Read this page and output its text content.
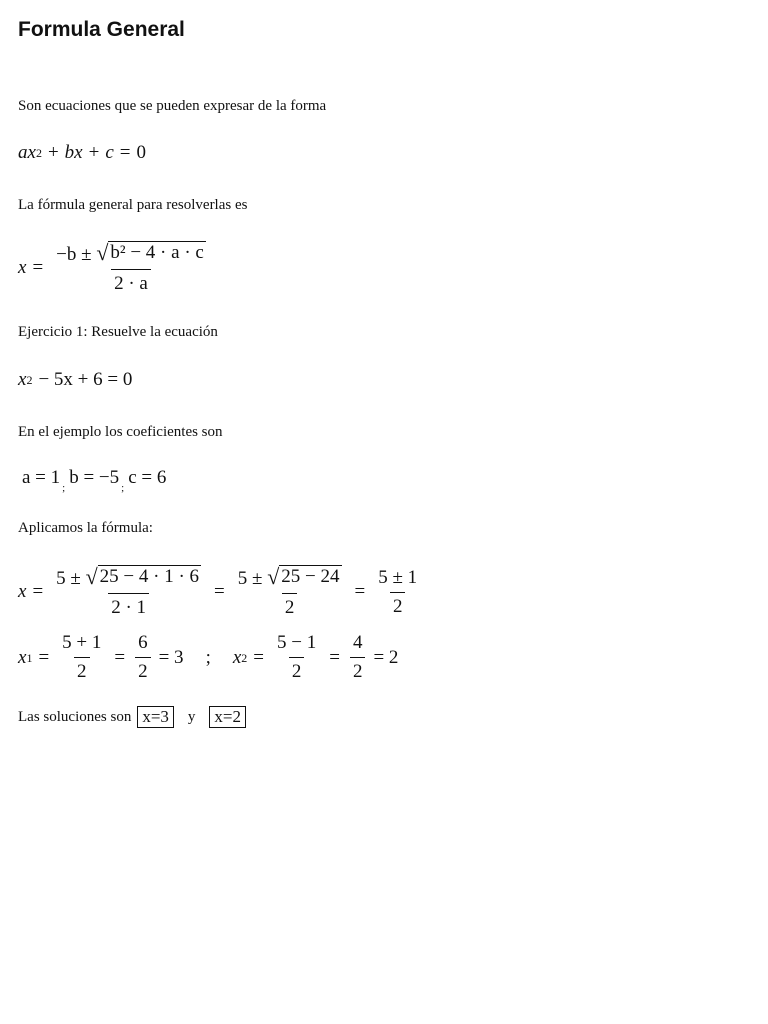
Formula General
Son ecuaciones que se pueden expresar de la forma
a x 2 + b x + c = 0
La fórmula general para resolverlas es
$x = \frac{\text{−b ± √ b² − 4 · a · c}}{2 \cdot a}$
Ejercicio 1: Resuelve la ecuación
x 2 − 5x + 6 = 0
En el ejemplo los coeficientes son
a = 1 ; b = −5 ; c = 6
Aplicamos la fórmula:
$x = \frac{5 \pm √ 25 - 4 \cdot 1 \cdot 6}{2 \cdot 1} = \frac{5 \pm √ 25 - 24}{2} = \frac{5 \pm 1}{2}$
x $1 = \frac{5 + 1}{2} = \frac{6}{2} = 3$ ; x $2 = \frac{5 - 1}{2} = \frac{4}{2} = 2$
Las soluciones son x=3	y x=2
